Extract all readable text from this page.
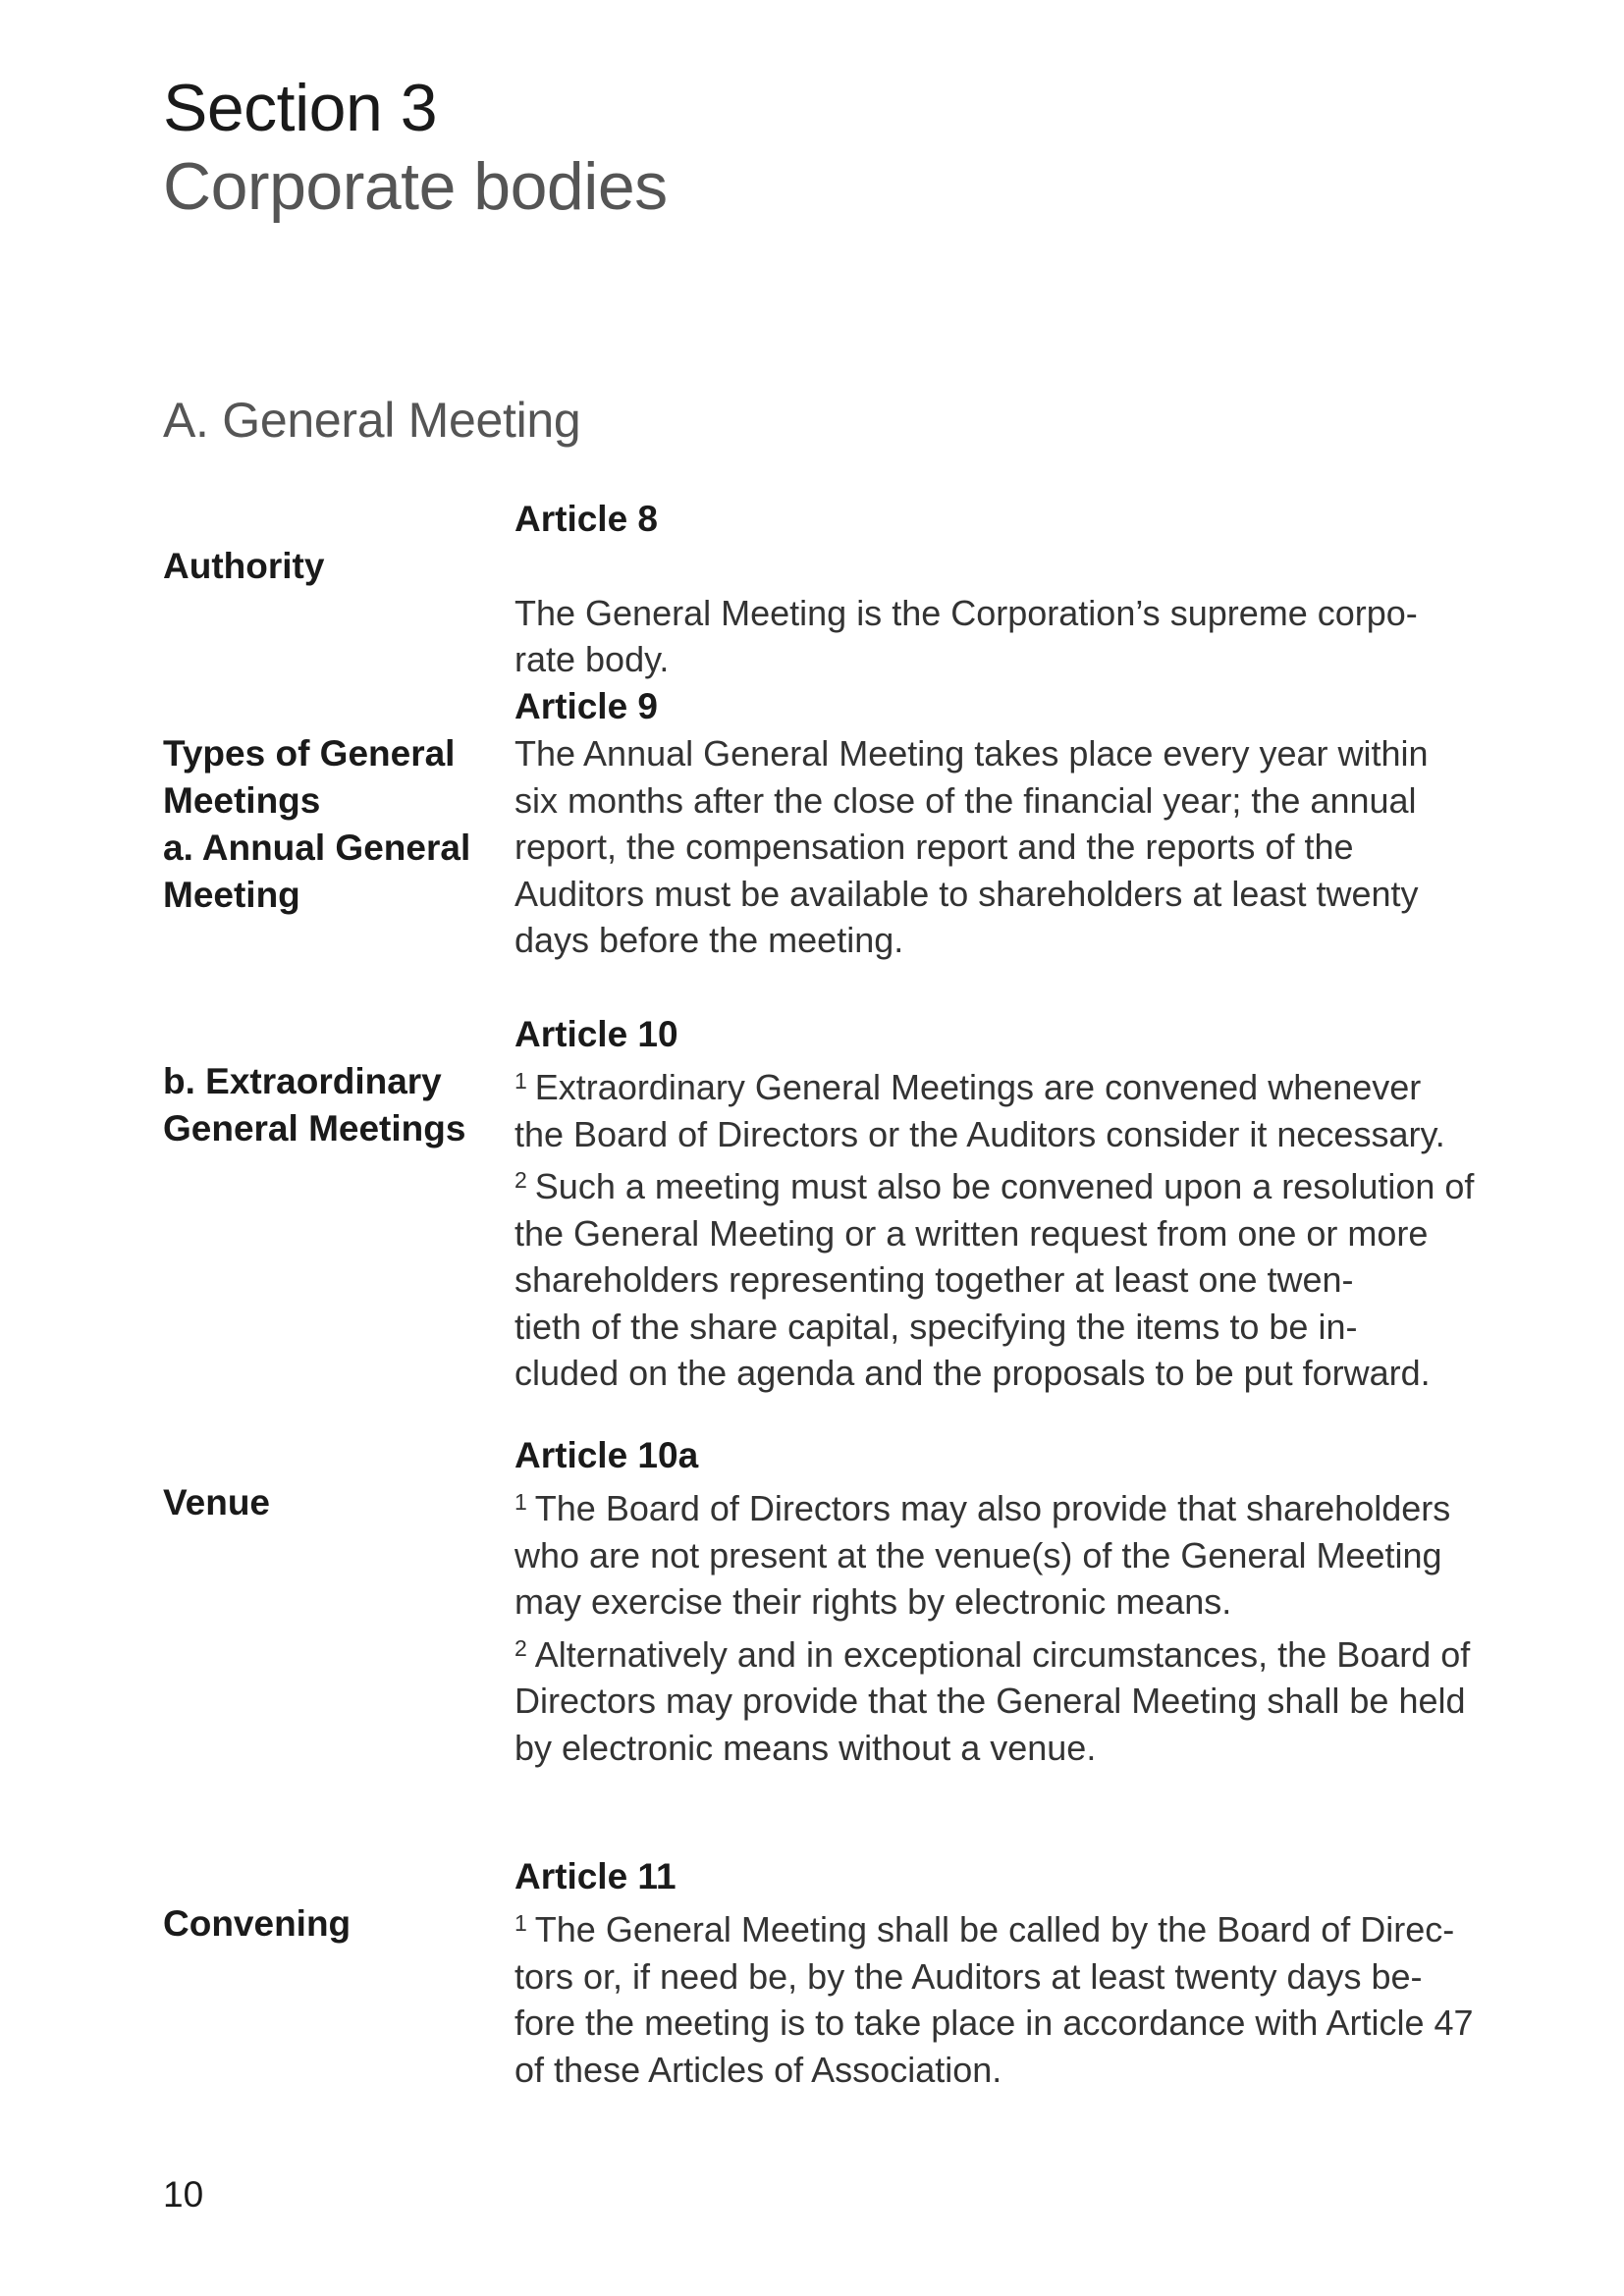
Section 3
Corporate bodies
A. General Meeting
Authority
Article 8

The General Meeting is the Corporation’s supreme corpo-
rate body.

Types of General
Meetings
a. Annual General
Meeting
Article 9

The Annual General Meeting takes place every year within six months after the close of the financial year; the annual report, the compensation report and the reports of the Auditors must be available to shareholders at least twenty days before the meeting.

b. Extraordinary
General Meetings
Article 10

$^1$ Extraordinary General Meetings are convened whenever the Board of Directors or the Auditors consider it necessary.

$^2$ Such a meeting must also be convened upon a resolution of the General Meeting or a written request from one or more shareholders representing together at least one twen-
tieth of the share capital, specifying the items to be in-
cluded on the agenda and the proposals to be put forward.

Venue
Article 10a

$^1$ The Board of Directors may also provide that shareholders who are not present at the venue(s) of the General Meeting may exercise their rights by electronic means.

$^2$ Alternatively and in exceptional circumstances, the Board of Directors may provide that the General Meeting shall be held by electronic means without a venue.

Convening
Article 11

$^1$ The General Meeting shall be called by the Board of Direc-
tors or, if need be, by the Auditors at least twenty days be-
fore the meeting is to take place in accordance with Article 47 of these Articles of Association.

10
